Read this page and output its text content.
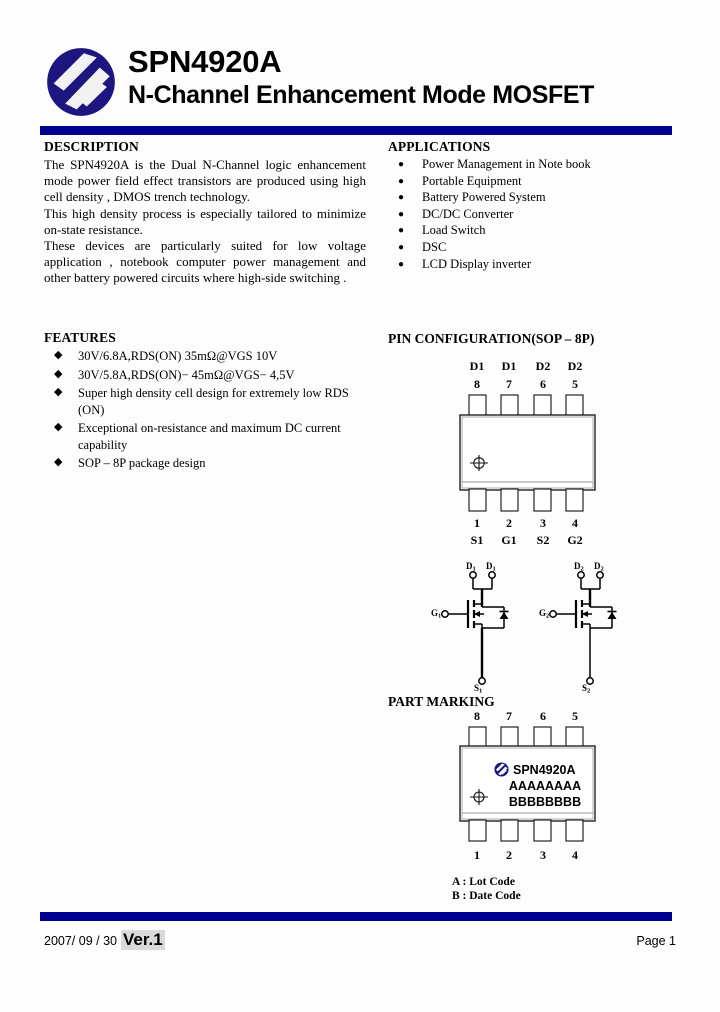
SPN4920A
N-Channel Enhancement Mode MOSFET
DESCRIPTION

The SPN4920A is the Dual N-Channel logic enhancement mode power field effect transistors are produced using high cell density , DMOS trench technology.

This high density process is especially tailored to minimize on-state resistance.

These devices are particularly suited for low voltage application , notebook computer power management and other battery powered circuits where high-side switching .

APPLICATIONS
● Power Management in Note book
● Portable Equipment
● Battery Powered System
● DC/DC Converter
● Load Switch
● DSC
● LCD Display inverter
FEATURES
◆ 30V/6.8A,RDS(ON) 35mΩ@VGS 10V
◆ 30V/5.8A,RDS(ON)− 45mΩ@VGS− 4,5V
◆ Super high density cell design for extremely low RDS (ON)
◆ Exceptional on-resistance and maximum DC current capability
◆ SOP – 8P package design
PIN CONFIGURATION(SOP – 8P)
D1 D1 D2 D2
8 7 6 5
1 2 3 4
S1 G1 S2 G2
$D_1$ $D_1$
$G_1$
$S_1$
$D_2$ $D_2$
$G_2$
$S_2$
PART MARKING
8 7 6 5
1 2 3 4
SPN4920A
AAAAAAAA
BBBBBBBB
A : Lot Code
B : Date Code
2007/ 09 / 30 Ver.1	Page 1
